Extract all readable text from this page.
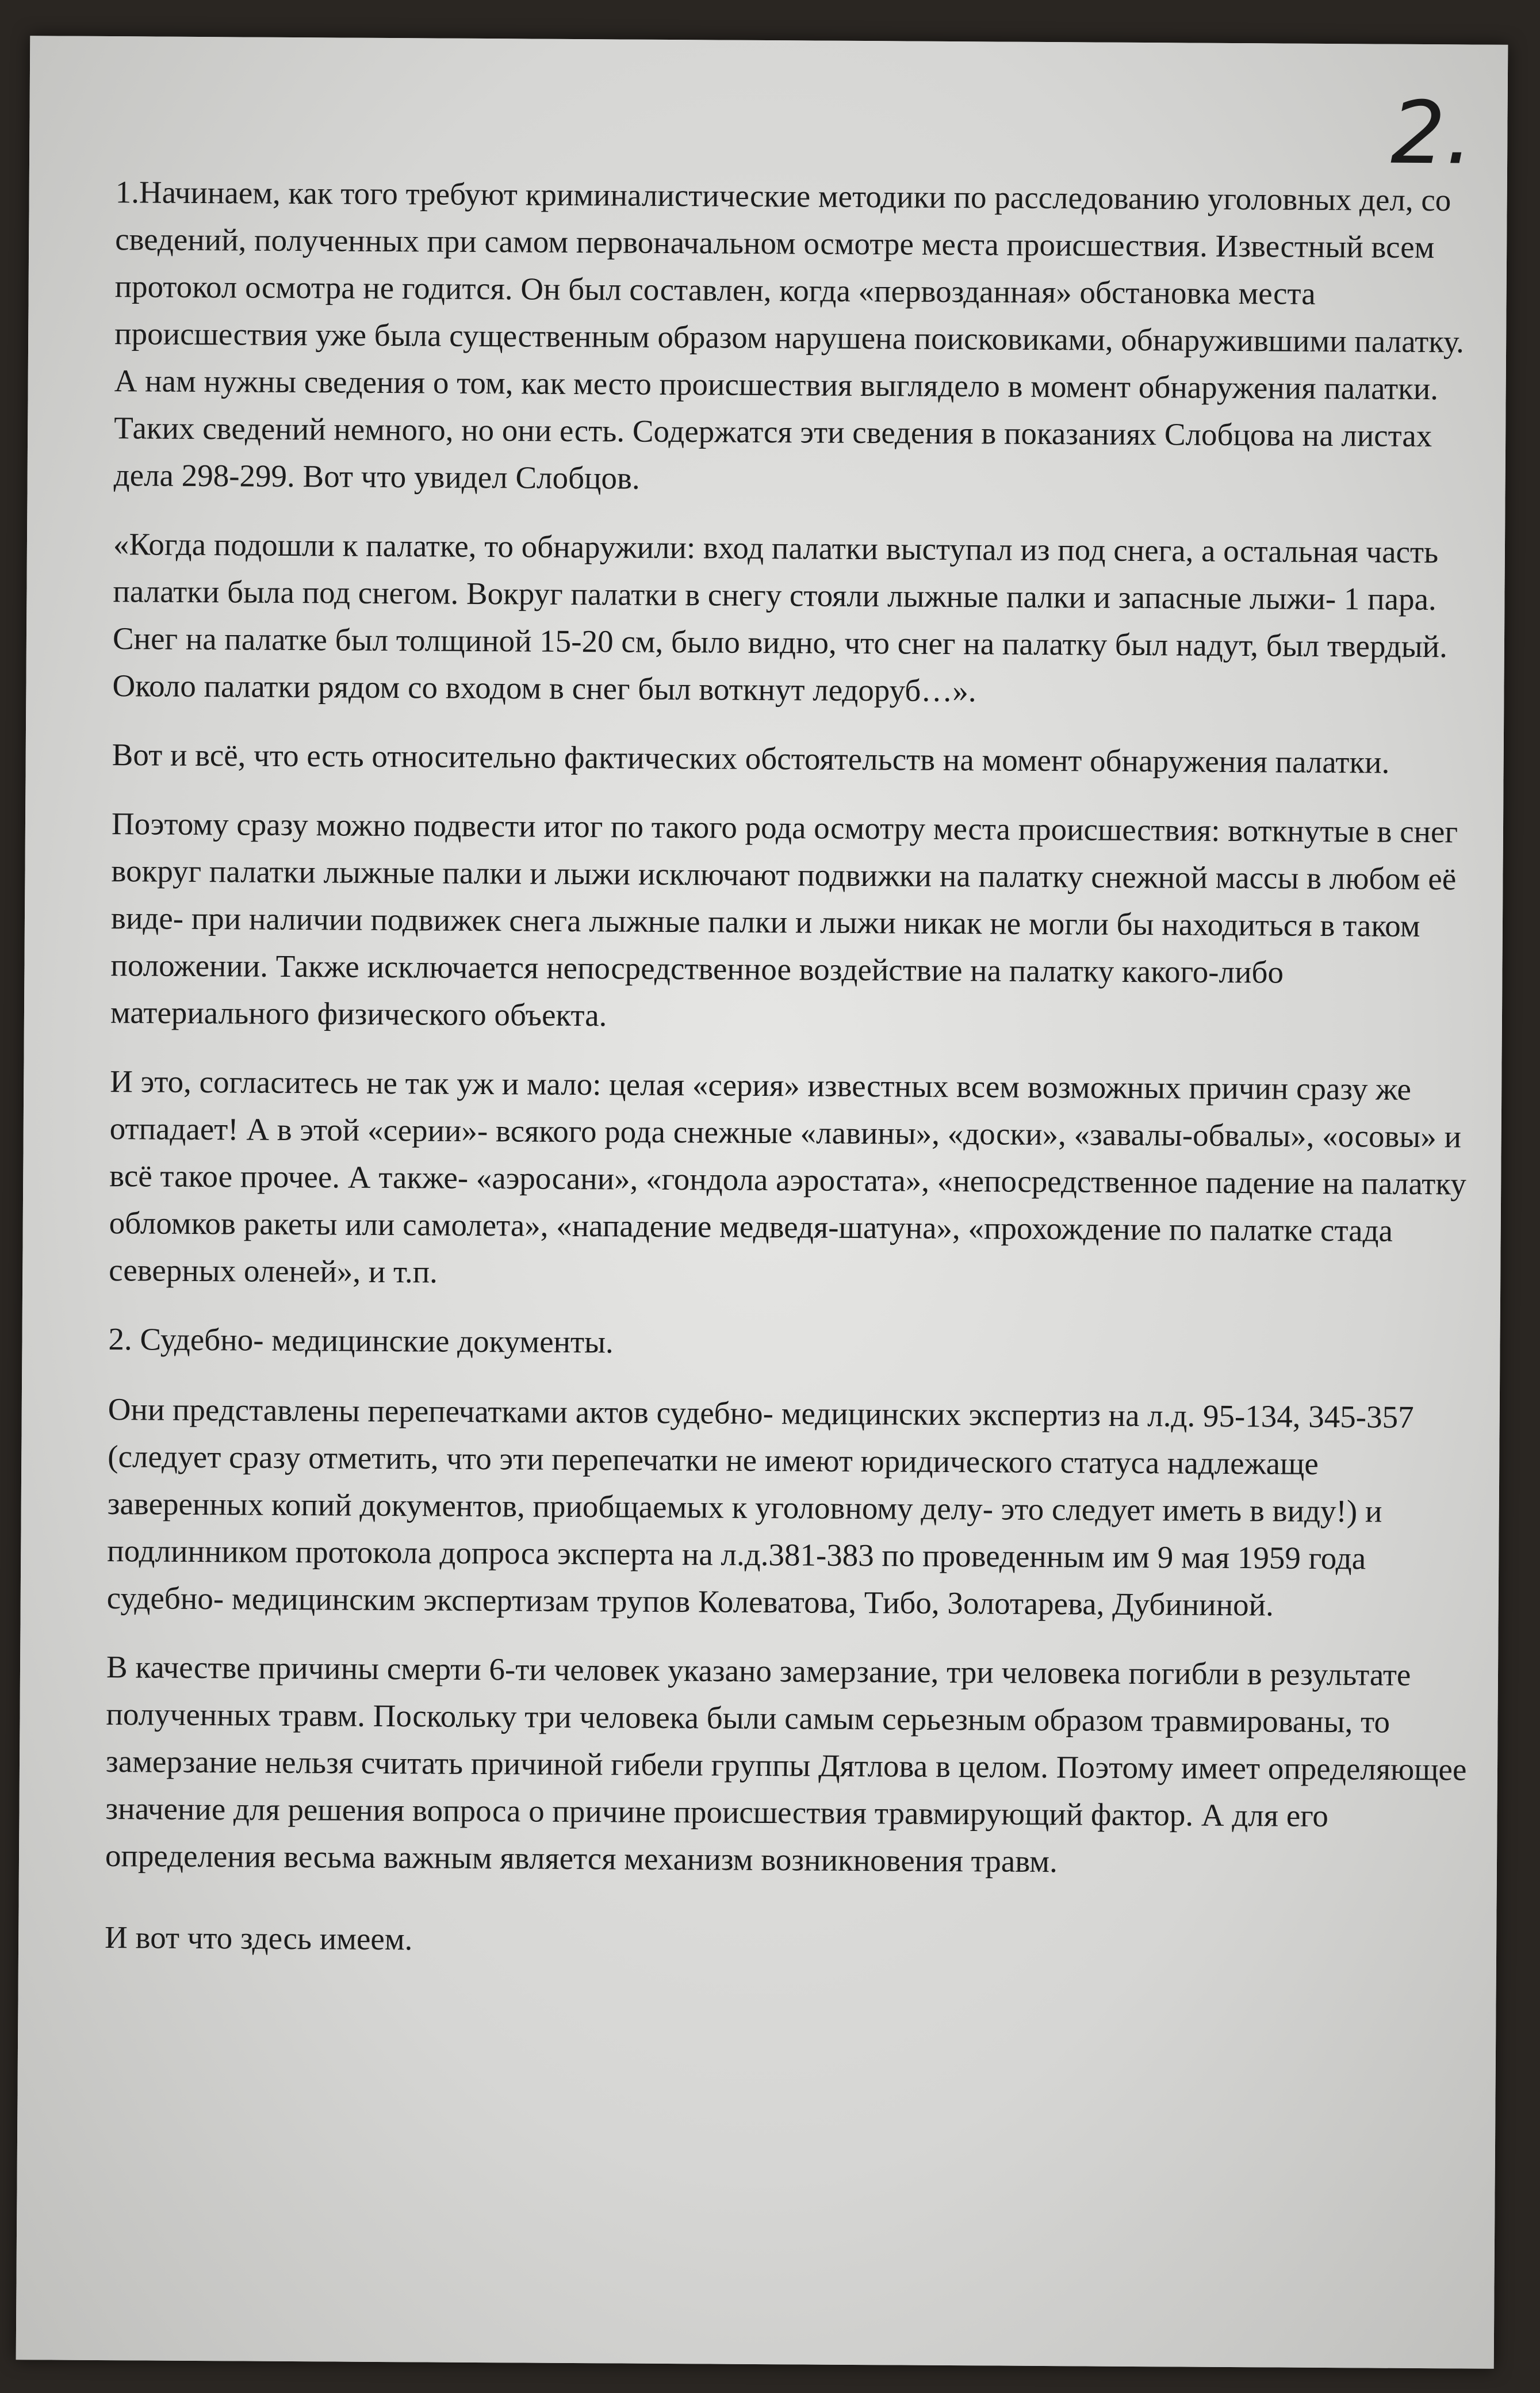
2.

1.Начинаем, как того требуют криминалистические методики по расследованию уголовных дел, со сведений, полученных при самом первоначальном осмотре места происшествия. Известный всем протокол осмотра не годится. Он был составлен, когда «первозданная» обстановка места происшествия уже была существенным образом нарушена поисковиками, обнаружившими палатку. А нам нужны сведения о том, как место происшествия выглядело в момент обнаружения палатки. Таких сведений немного, но они есть. Содержатся эти сведения в показаниях Слобцова на листах дела 298-299. Вот что увидел Слобцов.

«Когда подошли к палатке, то обнаружили: вход палатки выступал из под снега, а остальная часть палатки была под снегом. Вокруг палатки в снегу стояли лыжные палки и запасные лыжи- 1 пара. Снег на палатке был толщиной 15-20 см, было видно, что снег на палатку был надут, был твердый. Около палатки рядом со входом в снег был воткнут ледоруб…».

Вот и всё, что есть относительно фактических обстоятельств на момент обнаружения палатки.

Поэтому сразу можно подвести итог по такого рода осмотру места происшествия: воткнутые в снег вокруг палатки лыжные палки и лыжи исключают подвижки на палатку снежной массы в любом её виде- при наличии подвижек снега лыжные палки и лыжи никак не могли бы находиться в таком положении. Также исключается непосредственное воздействие на палатку какого-либо материального физического объекта.

И это, согласитесь не так уж и мало: целая «серия» известных всем возможных причин сразу же отпадает! А в этой «серии»- всякого рода снежные «лавины», «доски», «завалы-обвалы», «осовы» и всё такое прочее. А также- «аэросани», «гондола аэростата», «непосредственное падение на палатку обломков ракеты или самолета», «нападение медведя-шатуна», «прохождение по палатке стада северных оленей», и т.п.

2. Судебно- медицинские документы.

Они представлены перепечатками актов судебно- медицинских экспертиз на л.д. 95-134, 345-357 (следует сразу отметить, что эти перепечатки не имеют юридического статуса надлежаще заверенных копий документов, приобщаемых к уголовному делу- это следует иметь в виду!) и подлинником протокола допроса эксперта на л.д.381-383 по проведенным им 9 мая 1959 года судебно- медицинским экспертизам трупов Колеватова, Тибо, Золотарева, Дубининой.

В качестве причины смерти 6-ти человек указано замерзание, три человека погибли в результате полученных травм. Поскольку три человека были самым серьезным образом травмированы, то замерзание нельзя считать причиной гибели группы Дятлова в целом. Поэтому имеет определяющее значение для решения вопроса о причине происшествия травмирующий фактор. А для его определения весьма важным является механизм возникновения травм.

И вот что здесь имеем.
